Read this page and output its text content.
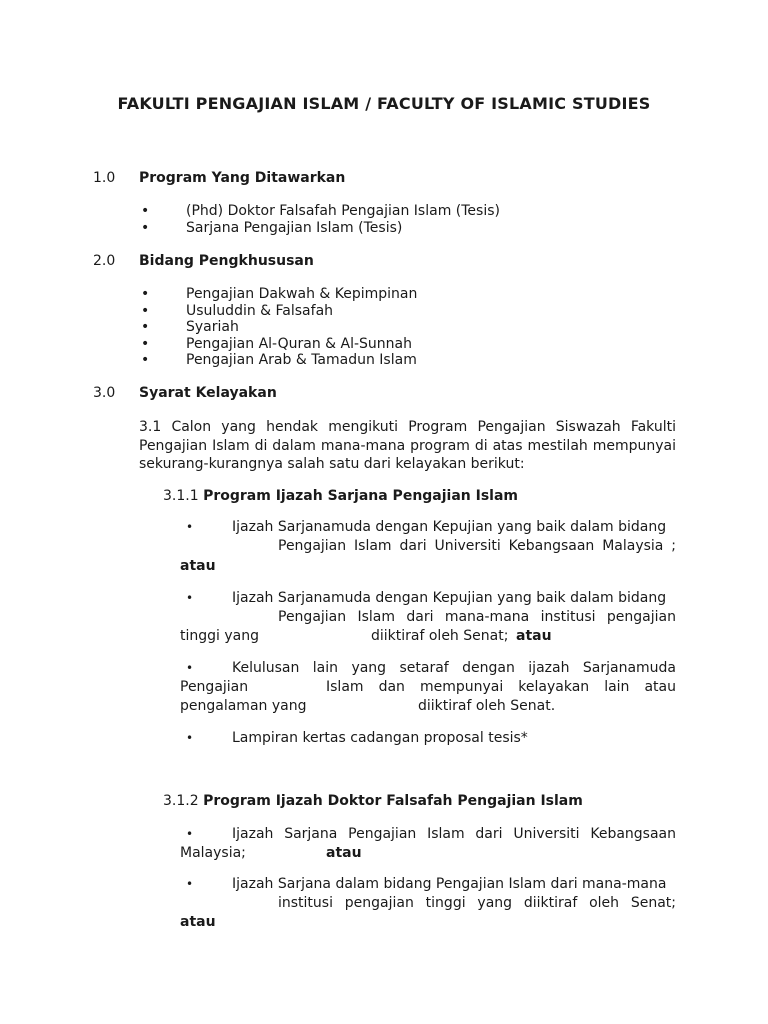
FAKULTI PENGAJIAN ISLAM / FACULTY OF ISLAMIC STUDIES
1.0 Program Yang Ditawarkan
•	(Phd) Doktor Falsafah Pengajian Islam (Tesis)
•	Sarjana Pengajian Islam (Tesis)
2.0 Bidang Pengkhususan
•	Pengajian Dakwah & Kepimpinan
•	Usuluddin & Falsafah
•	Syariah
•	Pengajian Al-Quran & Al-Sunnah
•	Pengajian Arab & Tamadun Islam
3.0 Syarat Kelayakan
3.1 Calon yang hendak mengikuti Program Pengajian Siswazah Fakulti Pengajian Islam di dalam mana-mana program di atas mestilah mempunyai sekurang-kurangnya salah satu dari kelayakan berikut:
3.1.1 Program Ijazah Sarjana Pengajian Islam
•	Ijazah Sarjanamuda dengan Kepujian yang baik dalam bidang
Pengajian Islam dari Universiti Kebangsaan Malaysia ;
atau
•	Ijazah Sarjanamuda dengan Kepujian yang baik dalam bidang
Pengajian Islam dari mana-mana institusi pengajian
tinggi yang	diiktiraf oleh Senat; atau
•	Kelulusan lain yang setaraf dengan ijazah Sarjanamuda
Pengajian	Islam dan mempunyai kelayakan lain atau
pengalaman yang	diiktiraf oleh Senat.
•	Lampiran kertas cadangan proposal tesis*
3.1.2 Program Ijazah Doktor Falsafah Pengajian Islam
•	Ijazah Sarjana Pengajian Islam dari Universiti Kebangsaan
Malaysia;	atau
•	Ijazah Sarjana dalam bidang Pengajian Islam dari mana-mana
institusi pengajian tinggi yang diiktiraf oleh Senat;
atau
